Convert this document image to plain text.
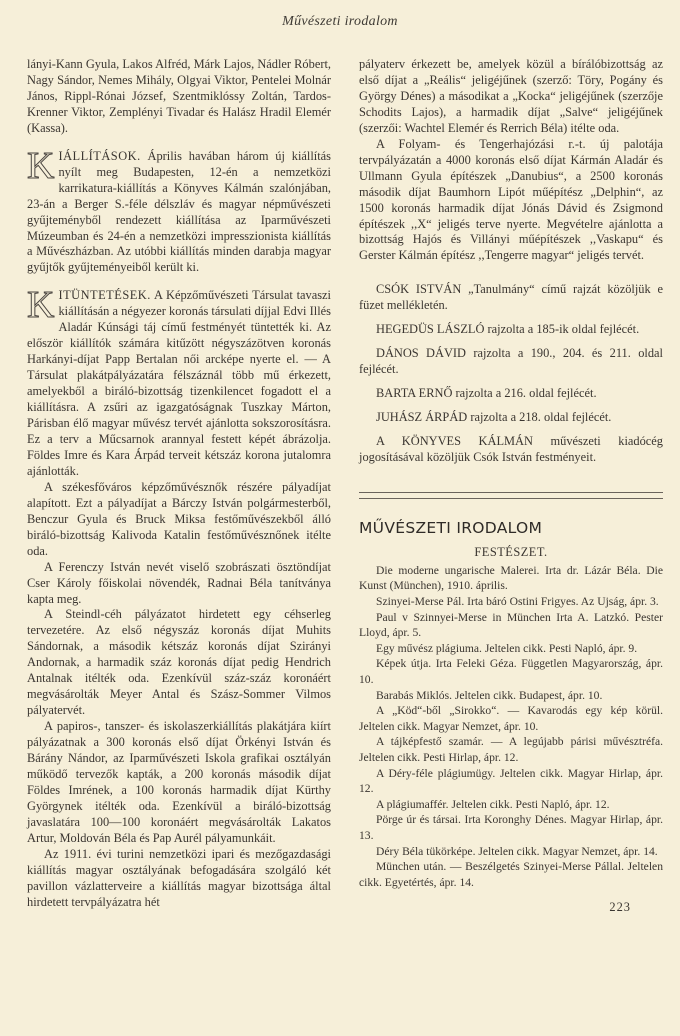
Művészeti irodalom

lányi-Kann Gyula, Lakos Alfréd, Márk Lajos, Nádler Róbert, Nagy Sándor, Nemes Mihály, Olgyai Viktor, Pentelei Molnár János, Rippl-Rónai József, Szentmiklóssy Zoltán, Tardos-Krenner Viktor, Zemplényi Tivadar és Halász Hradil Elemér (Kassa).

KIÁLLÍTÁSOK. Április havában három új kiállítás nyílt meg Budapesten, 12-én a nemzetközi karrikatura-kiállítás a Könyves Kálmán szalónjában, 23-án a Berger S.-féle délszláv és magyar népművészeti gyűjteményből rendezett kiállítása az Iparművészeti Múzeumban és 24-én a nemzetközi impresszionista kiállítás a Művészházban. Az utóbbi kiállítás minden darabja magyar gyűjtők gyűjteményeiből került ki.

KITÜNTETÉSEK. A Képzőművészeti Társulat tavaszi kiállításán a négyezer koronás társulati díjjal Edvi Illés Aladár Kúnsági táj című festményét tüntették ki. Az először kiállítók számára kitűzött négyszázötven koronás Harkányi-díjat Papp Bertalan női arcképe nyerte el. — A Társulat plakátpályázatára félszáznál több mű érkezett, amelyekből a biráló-bizottság tizenkilencet fogadott el a kiállításra. A zsűri az igazgatóságnak Tuszkay Márton, Párisban élő magyar művész tervét ajánlotta sokszorosításra. Ez a terv a Műcsarnok arannyal festett képét ábrázolja. Földes Imre és Kara Árpád terveit kétszáz korona jutalomra ajánlották.

A székesfőváros képzőművésznők részére pályadíjat alapított. Ezt a pályadíjat a Bárczy István polgármesterből, Benczur Gyula és Bruck Miksa festőművészekből álló biráló-bizottság Kalivoda Katalin festőművésznőnek itélte oda.

A Ferenczy István nevét viselő szobrászati ösztöndíjat Cser Károly főiskolai növendék, Radnai Béla tanítványa kapta meg.

A Steindl-céh pályázatot hirdetett egy céhserleg tervezetére. Az első négyszáz koronás díjat Muhits Sándornak, a második kétszáz koronás díjat Szirányi Andornak, a harmadik száz koronás díjat pedig Hendrich Antalnak itélték oda. Ezenkívül száz-száz koronáért megvásárolták Meyer Antal és Szász-Sommer Vilmos pályatervét.

A papiros-, tanszer- és iskolaszerkiállítás plakátjára kiírt pályázatnak a 300 koronás első díjat Örkényi István és Bárány Nándor, az Iparművészeti Iskola grafikai osztályán működő tervezők kapták, a 200 koronás második díjat Földes Imrének, a 100 koronás harmadik díjat Kürthy Györgynek itélték oda. Ezenkívül a biráló-bizottság javaslatára 100—100 koronáért megvásárolták Lakatos Artur, Moldován Béla és Pap Aurél pályamunkáit.

Az 1911. évi turini nemzetközi ipari és mezőgazdasági kiállítás magyar osztályának befogadására szolgáló két pavillon vázlatterveire a kiállítás magyar bizottsága által hirdetett tervpályázatra hét

pályaterv érkezett be, amelyek közül a bírálóbizottság az első díjat a „Reális“ jeligéjűnek (szerző: Töry, Pogány és György Dénes) a másodikat a „Kocka“ jeligéjűnek (szerzője Schodits Lajos), a harmadik díjat „Salve“ jeligéjűnek (szerzői: Wachtel Elemér és Rerrich Béla) itélte oda.

A Folyam- és Tengerhajózási r.-t. új palotája tervpályázatán a 4000 koronás első díjat Kármán Aladár és Ullmann Gyula építészek „Danubius“, a 2500 koronás második díjat Baumhorn Lipót műépítész „Delphin“, az 1500 koronás harmadik díjat Jónás Dávid és Zsigmond építészek ,,X“ jeligés terve nyerte. Megvételre ajánlotta a bizottság Hajós és Villányi műépítészek ,,Vaskapu“ és Gerster Kálmán építész ,,Tengerre magyar“ jeligés tervét.

CSÓK ISTVÁN „Tanulmány“ című rajzát közöljük e füzet mellékletén.

HEGEDÜS LÁSZLÓ rajzolta a 185-ik oldal fejlécét.

DÁNOS DÁVID rajzolta a 190., 204. és 211. oldal fejlécét.

BARTA ERNŐ rajzolta a 216. oldal fejlécét.

JUHÁSZ ÁRPÁD rajzolta a 218. oldal fejlécét.

A KÖNYVES KÁLMÁN művészeti kiadócég jogosításával közöljük Csók István festményeit.

MŰVÉSZETI IRODALOM
FESTÉSZET.

Die moderne ungarische Malerei. Irta dr. Lázár Béla. Die Kunst (München), 1910. április.

Szinyei-Merse Pál. Irta báró Ostini Frigyes. Az Ujság, ápr. 3.

Paul v Szinnyei-Merse in München Irta A. Latzkó. Pester Lloyd, ápr. 5.

Egy művész plágiuma. Jeltelen cikk. Pesti Napló, ápr. 9.

Képek útja. Irta Feleki Géza. Független Magyarország, ápr. 10.

Barabás Miklós. Jeltelen cikk. Budapest, ápr. 10.

A „Köd“-ből „Sirokko“. — Kavarodás egy kép körül. Jeltelen cikk. Magyar Nemzet, ápr. 10.

A tájképfestő szamár. — A legújabb párisi művésztréfa. Jeltelen cikk. Pesti Hirlap, ápr. 12.

A Déry-féle plágiumügy. Jeltelen cikk. Magyar Hirlap, ápr. 12.

A plágiumaffér. Jeltelen cikk. Pesti Napló, ápr. 12.

Pörge úr és társai. Irta Koronghy Dénes. Magyar Hirlap, ápr. 13.

Déry Béla tükörképe. Jeltelen cikk. Magyar Nemzet, ápr. 14.

München után. — Beszélgetés Szinyei-Merse Pállal. Jeltelen cikk. Egyetértés, ápr. 14.

223
